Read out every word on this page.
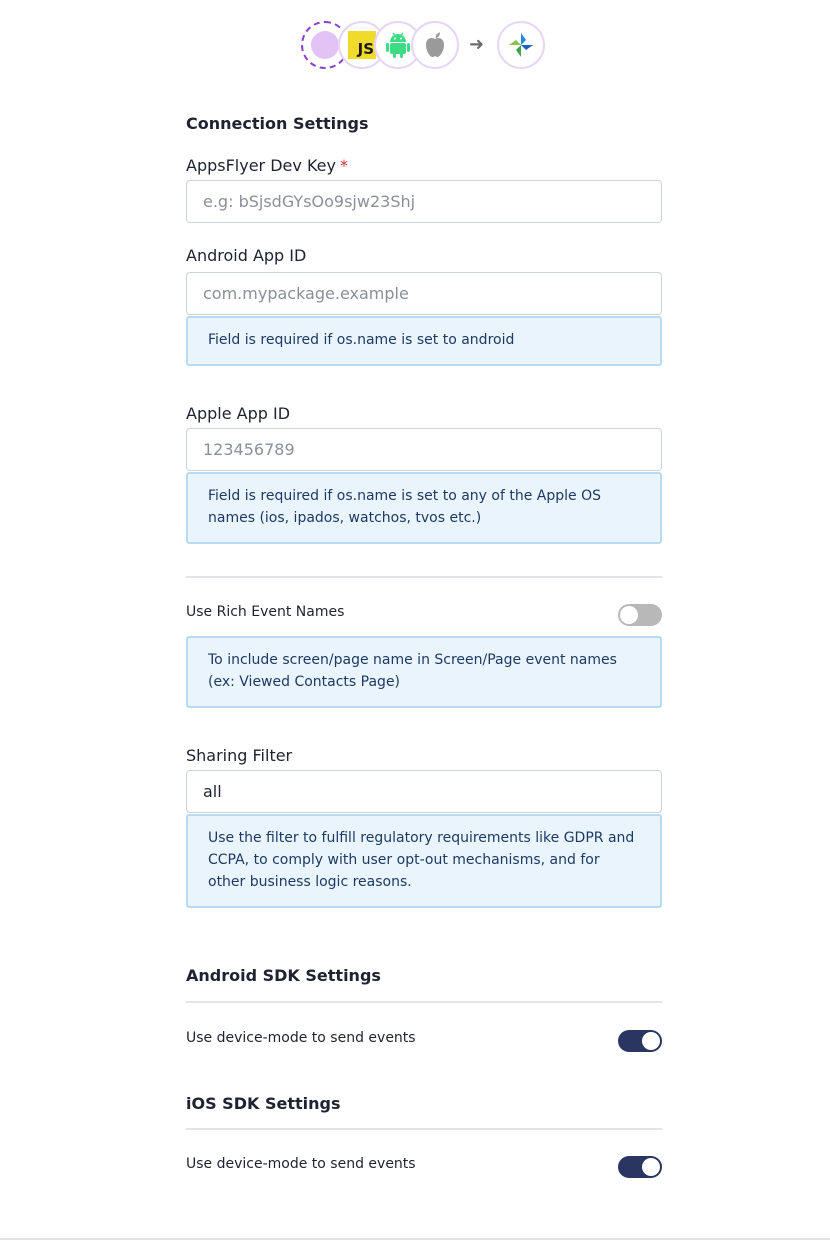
JS	➜
Connection Settings
AppsFlyer Dev Key *
e.g: bSjsdGYsOo9sjw23Shj
Android App ID
com.mypackage.example
Field is required if os.name is set to android
Apple App ID
123456789
Field is required if os.name is set to any of the Apple OS names (ios, ipados, watchos, tvos etc.)
Use Rich Event Names
To include screen/page name in Screen/Page event names (ex: Viewed Contacts Page)
Sharing Filter
all
Use the filter to fulfill regulatory requirements like GDPR and CCPA, to comply with user opt-out mechanisms, and for other business logic reasons.
Android SDK Settings
Use device-mode to send events
iOS SDK Settings
Use device-mode to send events
